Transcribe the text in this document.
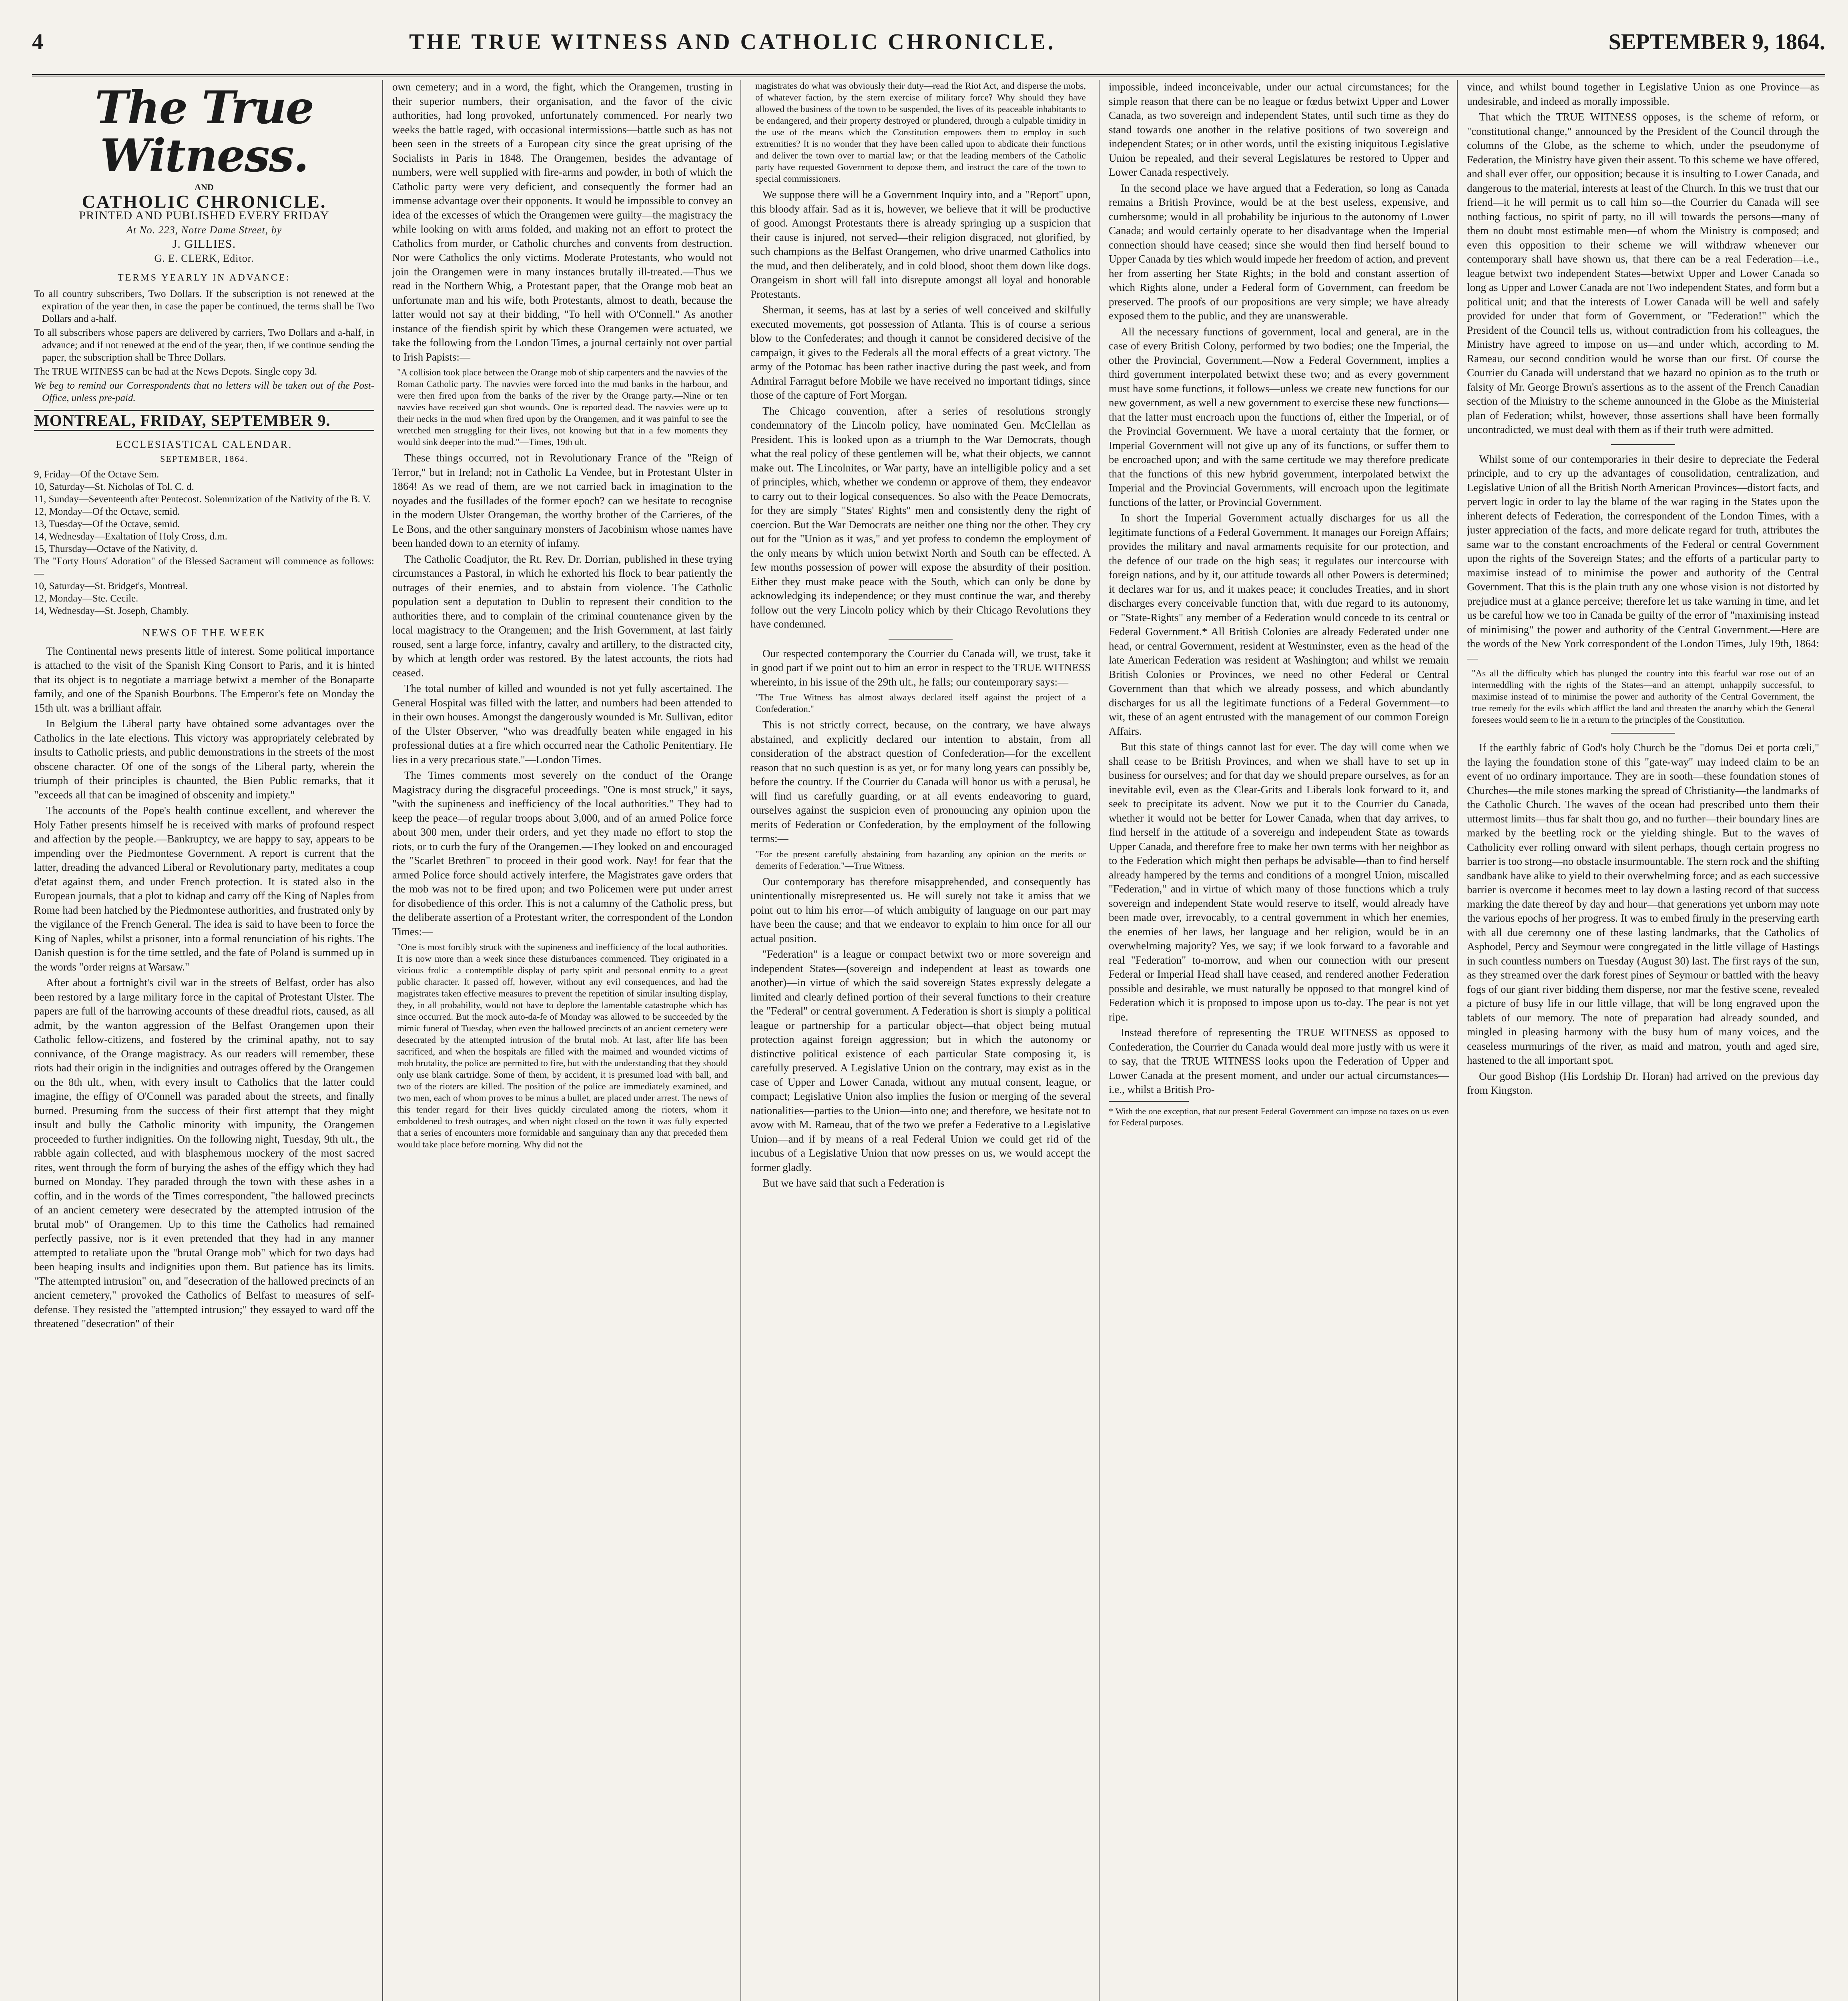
4	THE TRUE WITNESS AND CATHOLIC CHRONICLE.	SEPTEMBER 9, 1864.
The True Witness.
AND
CATHOLIC CHRONICLE.
PRINTED AND PUBLISHED EVERY FRIDAY
At No. 223, Notre Dame Street, by
J. GILLIES.
G. E. CLERK, Editor.
TERMS YEARLY IN ADVANCE:

To all country subscribers, Two Dollars. If the subscription is not renewed at the expiration of the year then, in case the paper be continued, the terms shall be Two Dollars and a-half.

To all subscribers whose papers are delivered by carriers, Two Dollars and a-half, in advance; and if not renewed at the end of the year, then, if we continue sending the paper, the subscription shall be Three Dollars.

The TRUE WITNESS can be had at the News Depots. Single copy 3d.

We beg to remind our Correspondents that no letters will be taken out of the Post-Office, unless pre-paid.

MONTREAL, FRIDAY, SEPTEMBER 9.
ECCLESIASTICAL CALENDAR.
SEPTEMBER, 1864.
9, Friday—Of the Octave Sem.
10, Saturday—St. Nicholas of Tol. C. d.
11, Sunday—Seventeenth after Pentecost. Solemnization of the Nativity of the B. V.
12, Monday—Of the Octave, semid.
13, Tuesday—Of the Octave, semid.
14, Wednesday—Exaltation of Holy Cross, d.m.
15, Thursday—Octave of the Nativity, d.
The "Forty Hours' Adoration" of the Blessed Sacrament will commence as follows:—
10, Saturday—St. Bridget's, Montreal.
12, Monday—Ste. Cecile.
14, Wednesday—St. Joseph, Chambly.
NEWS OF THE WEEK

The Continental news presents little of interest. Some political importance is attached to the visit of the Spanish King Consort to Paris, and it is hinted that its object is to negotiate a marriage betwixt a member of the Bonaparte family, and one of the Spanish Bourbons. The Emperor's fete on Monday the 15th ult. was a brilliant affair.

In Belgium the Liberal party have obtained some advantages over the Catholics in the late elections. This victory was appropriately celebrated by insults to Catholic priests, and public demonstrations in the streets of the most obscene character. Of one of the songs of the Liberal party, wherein the triumph of their principles is chaunted, the Bien Public remarks, that it "exceeds all that can be imagined of obscenity and impiety."

The accounts of the Pope's health continue excellent, and wherever the Holy Father presents himself he is received with marks of profound respect and affection by the people.—Bankruptcy, we are happy to say, appears to be impending over the Piedmontese Government. A report is current that the latter, dreading the advanced Liberal or Revolutionary party, meditates a coup d'etat against them, and under French protection. It is stated also in the European journals, that a plot to kidnap and carry off the King of Naples from Rome had been hatched by the Piedmontese authorities, and frustrated only by the vigilance of the French General. The idea is said to have been to force the King of Naples, whilst a prisoner, into a formal renunciation of his rights. The Danish question is for the time settled, and the fate of Poland is summed up in the words "order reigns at Warsaw."

After about a fortnight's civil war in the streets of Belfast, order has also been restored by a large military force in the capital of Protestant Ulster. The papers are full of the harrowing accounts of these dreadful riots, caused, as all admit, by the wanton aggression of the Belfast Orangemen upon their Catholic fellow-citizens, and fostered by the criminal apathy, not to say connivance, of the Orange magistracy. As our readers will remember, these riots had their origin in the indignities and outrages offered by the Orangemen on the 8th ult., when, with every insult to Catholics that the latter could imagine, the effigy of O'Connell was paraded about the streets, and finally burned. Presuming from the success of their first attempt that they might insult and bully the Catholic minority with impunity, the Orangemen proceeded to further indignities. On the following night, Tuesday, 9th ult., the rabble again collected, and with blasphemous mockery of the most sacred rites, went through the form of burying the ashes of the effigy which they had burned on Monday. They paraded through the town with these ashes in a coffin, and in the words of the Times correspondent, "the hallowed precincts of an ancient cemetery were desecrated by the attempted intrusion of the brutal mob" of Orangemen. Up to this time the Catholics had remained perfectly passive, nor is it even pretended that they had in any manner attempted to retaliate upon the "brutal Orange mob" which for two days had been heaping insults and indignities upon them. But patience has its limits. "The attempted intrusion" on, and "desecration of the hallowed precincts of an ancient cemetery," provoked the Catholics of Belfast to measures of self-defense. They resisted the "attempted intrusion;" they essayed to ward off the threatened "desecration" of their

own cemetery; and in a word, the fight, which the Orangemen, trusting in their superior numbers, their organisation, and the favor of the civic authorities, had long provoked, unfortunately commenced. For nearly two weeks the battle raged, with occasional intermissions—battle such as has not been seen in the streets of a European city since the great uprising of the Socialists in Paris in 1848. The Orangemen, besides the advantage of numbers, were well supplied with fire-arms and powder, in both of which the Catholic party were very deficient, and consequently the former had an immense advantage over their opponents. It would be impossible to convey an idea of the excesses of which the Orangemen were guilty—the magistracy the while looking on with arms folded, and making not an effort to protect the Catholics from murder, or Catholic churches and convents from destruction. Nor were Catholics the only victims. Moderate Protestants, who would not join the Orangemen were in many instances brutally ill-treated.—Thus we read in the Northern Whig, a Protestant paper, that the Orange mob beat an unfortunate man and his wife, both Protestants, almost to death, because the latter would not say at their bidding, "To hell with O'Connell." As another instance of the fiendish spirit by which these Orangemen were actuated, we take the following from the London Times, a journal certainly not over partial to Irish Papists:—

"A collision took place between the Orange mob of ship carpenters and the navvies of the Roman Catholic party. The navvies were forced into the mud banks in the harbour, and were then fired upon from the banks of the river by the Orange party.—Nine or ten navvies have received gun shot wounds. One is reported dead. The navvies were up to their necks in the mud when fired upon by the Orangemen, and it was painful to see the wretched men struggling for their lives, not knowing but that in a few moments they would sink deeper into the mud."—Times, 19th ult.

These things occurred, not in Revolutionary France of the "Reign of Terror," but in Ireland; not in Catholic La Vendee, but in Protestant Ulster in 1864! As we read of them, are we not carried back in imagination to the noyades and the fusillades of the former epoch? can we hesitate to recognise in the modern Ulster Orangeman, the worthy brother of the Carrieres, of the Le Bons, and the other sanguinary monsters of Jacobinism whose names have been handed down to an eternity of infamy.

The Catholic Coadjutor, the Rt. Rev. Dr. Dorrian, published in these trying circumstances a Pastoral, in which he exhorted his flock to bear patiently the outrages of their enemies, and to abstain from violence. The Catholic population sent a deputation to Dublin to represent their condition to the authorities there, and to complain of the criminal countenance given by the local magistracy to the Orangemen; and the Irish Government, at last fairly roused, sent a large force, infantry, cavalry and artillery, to the distracted city, by which at length order was restored. By the latest accounts, the riots had ceased.

The total number of killed and wounded is not yet fully ascertained. The General Hospital was filled with the latter, and numbers had been attended to in their own houses. Amongst the dangerously wounded is Mr. Sullivan, editor of the Ulster Observer, "who was dreadfully beaten while engaged in his professional duties at a fire which occurred near the Catholic Penitentiary. He lies in a very precarious state."—London Times.

The Times comments most severely on the conduct of the Orange Magistracy during the disgraceful proceedings. "One is most struck," it says, "with the supineness and inefficiency of the local authorities." They had to keep the peace—of regular troops about 3,000, and of an armed Police force about 300 men, under their orders, and yet they made no effort to stop the riots, or to curb the fury of the Orangemen.—They looked on and encouraged the "Scarlet Brethren" to proceed in their good work. Nay! for fear that the armed Police force should actively interfere, the Magistrates gave orders that the mob was not to be fired upon; and two Policemen were put under arrest for disobedience of this order. This is not a calumny of the Catholic press, but the deliberate assertion of a Protestant writer, the correspondent of the London Times:—

"One is most forcibly struck with the supineness and inefficiency of the local authorities. It is now more than a week since these disturbances commenced. They originated in a vicious frolic—a contemptible display of party spirit and personal enmity to a great public character. It passed off, however, without any evil consequences, and had the magistrates taken effective measures to prevent the repetition of similar insulting display, they, in all probability, would not have to deplore the lamentable catastrophe which has since occurred. But the mock auto-da-fe of Monday was allowed to be succeeded by the mimic funeral of Tuesday, when even the hallowed precincts of an ancient cemetery were desecrated by the attempted intrusion of the brutal mob. At last, after life has been sacrificed, and when the hospitals are filled with the maimed and wounded victims of mob brutality, the police are permitted to fire, but with the understanding that they should only use blank cartridge. Some of them, by accident, it is presumed load with ball, and two of the rioters are killed. The position of the police are immediately examined, and two men, each of whom proves to be minus a bullet, are placed under arrest. The news of this tender regard for their lives quickly circulated among the rioters, whom it emboldened to fresh outrages, and when night closed on the town it was fully expected that a series of encounters more formidable and sanguinary than any that preceded them would take place before morning. Why did not the
magistrates do what was obviously their duty—read the Riot Act, and disperse the mobs, of whatever faction, by the stern exercise of military force? Why should they have allowed the business of the town to be suspended, the lives of its peaceable inhabitants to be endangered, and their property destroyed or plundered, through a culpable timidity in the use of the means which the Constitution empowers them to employ in such extremities? It is no wonder that they have been called upon to abdicate their functions and deliver the town over to martial law; or that the leading members of the Catholic party have requested Government to depose them, and instruct the care of the town to special commissioners.

We suppose there will be a Government Inquiry into, and a "Report" upon, this bloody affair. Sad as it is, however, we believe that it will be productive of good. Amongst Protestants there is already springing up a suspicion that their cause is injured, not served—their religion disgraced, not glorified, by such champions as the Belfast Orangemen, who drive unarmed Catholics into the mud, and then deliberately, and in cold blood, shoot them down like dogs. Orangeism in short will fall into disrepute amongst all loyal and honorable Protestants.

Sherman, it seems, has at last by a series of well conceived and skilfully executed movements, got possession of Atlanta. This is of course a serious blow to the Confederates; and though it cannot be considered decisive of the campaign, it gives to the Federals all the moral effects of a great victory. The army of the Potomac has been rather inactive during the past week, and from Admiral Farragut before Mobile we have received no important tidings, since those of the capture of Fort Morgan.

The Chicago convention, after a series of resolutions strongly condemnatory of the Lincoln policy, have nominated Gen. McClellan as President. This is looked upon as a triumph to the War Democrats, though what the real policy of these gentlemen will be, what their objects, we cannot make out. The Lincolnites, or War party, have an intelligible policy and a set of principles, which, whether we condemn or approve of them, they endeavor to carry out to their logical consequences. So also with the Peace Democrats, for they are simply "States' Rights" men and consistently deny the right of coercion. But the War Democrats are neither one thing nor the other. They cry out for the "Union as it was," and yet profess to condemn the employment of the only means by which union betwixt North and South can be effected. A few months possession of power will expose the absurdity of their position. Either they must make peace with the South, which can only be done by acknowledging its independence; or they must continue the war, and thereby follow out the very Lincoln policy which by their Chicago Revolutions they have condemned.

Our respected contemporary the Courrier du Canada will, we trust, take it in good part if we point out to him an error in respect to the TRUE WITNESS whereinto, in his issue of the 29th ult., he falls; our contemporary says:—

"The True Witness has almost always declared itself against the project of a Confederation."

This is not strictly correct, because, on the contrary, we have always abstained, and explicitly declared our intention to abstain, from all consideration of the abstract question of Confederation—for the excellent reason that no such question is as yet, or for many long years can possibly be, before the country. If the Courrier du Canada will honor us with a perusal, he will find us carefully guarding, or at all events endeavoring to guard, ourselves against the suspicion even of pronouncing any opinion upon the merits of Federation or Confederation, by the employment of the following terms:—

"For the present carefully abstaining from hazarding any opinion on the merits or demerits of Federation."—True Witness.

Our contemporary has therefore misapprehended, and consequently has unintentionally misrepresented us. He will surely not take it amiss that we point out to him his error—of which ambiguity of language on our part may have been the cause; and that we endeavor to explain to him once for all our actual position.

"Federation" is a league or compact betwixt two or more sovereign and independent States—(sovereign and independent at least as towards one another)—in virtue of which the said sovereign States expressly delegate a limited and clearly defined portion of their several functions to their creature the "Federal" or central government. A Federation is short is simply a political league or partnership for a particular object—that object being mutual protection against foreign aggression; but in which the autonomy or distinctive political existence of each particular State composing it, is carefully preserved. A Legislative Union on the contrary, may exist as in the case of Upper and Lower Canada, without any mutual consent, league, or compact; Legislative Union also implies the fusion or merging of the several nationalities—parties to the Union—into one; and therefore, we hesitate not to avow with M. Rameau, that of the two we prefer a Federative to a Legislative Union—and if by means of a real Federal Union we could get rid of the incubus of a Legislative Union that now presses on us, we would accept the former gladly.

But we have said that such a Federation is

impossible, indeed inconceivable, under our actual circumstances; for the simple reason that there can be no league or fœdus betwixt Upper and Lower Canada, as two sovereign and independent States, until such time as they do stand towards one another in the relative positions of two sovereign and independent States; or in other words, until the existing iniquitous Legislative Union be repealed, and their several Legislatures be restored to Upper and Lower Canada respectively.

In the second place we have argued that a Federation, so long as Canada remains a British Province, would be at the best useless, expensive, and cumbersome; would in all probability be injurious to the autonomy of Lower Canada; and would certainly operate to her disadvantage when the Imperial connection should have ceased; since she would then find herself bound to Upper Canada by ties which would impede her freedom of action, and prevent her from asserting her State Rights; in the bold and constant assertion of which Rights alone, under a Federal form of Government, can freedom be preserved. The proofs of our propositions are very simple; we have already exposed them to the public, and they are unanswerable.

All the necessary functions of government, local and general, are in the case of every British Colony, performed by two bodies; one the Imperial, the other the Provincial, Government.—Now a Federal Government, implies a third government interpolated betwixt these two; and as every government must have some functions, it follows—unless we create new functions for our new government, as well a new government to exercise these new functions—that the latter must encroach upon the functions of, either the Imperial, or of the Provincial Government. We have a moral certainty that the former, or Imperial Government will not give up any of its functions, or suffer them to be encroached upon; and with the same certitude we may therefore predicate that the functions of this new hybrid government, interpolated betwixt the Imperial and the Provincial Governments, will encroach upon the legitimate functions of the latter, or Provincial Government.

In short the Imperial Government actually discharges for us all the legitimate functions of a Federal Government. It manages our Foreign Affairs; provides the military and naval armaments requisite for our protection, and the defence of our trade on the high seas; it regulates our intercourse with foreign nations, and by it, our attitude towards all other Powers is determined; it declares war for us, and it makes peace; it concludes Treaties, and in short discharges every conceivable function that, with due regard to its autonomy, or "State-Rights" any member of a Federation would concede to its central or Federal Government.* All British Colonies are already Federated under one head, or central Government, resident at Westminster, even as the head of the late American Federation was resident at Washington; and whilst we remain British Colonies or Provinces, we need no other Federal or Central Government than that which we already possess, and which abundantly discharges for us all the legitimate functions of a Federal Government—to wit, these of an agent entrusted with the management of our common Foreign Affairs.

But this state of things cannot last for ever. The day will come when we shall cease to be British Provinces, and when we shall have to set up in business for ourselves; and for that day we should prepare ourselves, as for an inevitable evil, even as the Clear-Grits and Liberals look forward to it, and seek to precipitate its advent. Now we put it to the Courrier du Canada, whether it would not be better for Lower Canada, when that day arrives, to find herself in the attitude of a sovereign and independent State as towards Upper Canada, and therefore free to make her own terms with her neighbor as to the Federation which might then perhaps be advisable—than to find herself already hampered by the terms and conditions of a mongrel Union, miscalled "Federation," and in virtue of which many of those functions which a truly sovereign and independent State would reserve to itself, would already have been made over, irrevocably, to a central government in which her enemies, the enemies of her laws, her language and her religion, would be in an overwhelming majority? Yes, we say; if we look forward to a favorable and real "Federation" to-morrow, and when our connection with our present Federal or Imperial Head shall have ceased, and rendered another Federation possible and desirable, we must naturally be opposed to that mongrel kind of Federation which it is proposed to impose upon us to-day. The pear is not yet ripe.

Instead therefore of representing the TRUE WITNESS as opposed to Confederation, the Courrier du Canada would deal more justly with us were it to say, that the TRUE WITNESS looks upon the Federation of Upper and Lower Canada at the present moment, and under our actual circumstances—i.e., whilst a British Pro-

* With the one exception, that our present Federal Government can impose no taxes on us even for Federal purposes.

vince, and whilst bound together in Legislative Union as one Province—as undesirable, and indeed as morally impossible.

That which the TRUE WITNESS opposes, is the scheme of reform, or "constitutional change," announced by the President of the Council through the columns of the Globe, as the scheme to which, under the pseudonyme of Federation, the Ministry have given their assent. To this scheme we have offered, and shall ever offer, our opposition; because it is insulting to Lower Canada, and dangerous to the material, interests at least of the Church. In this we trust that our friend—it he will permit us to call him so—the Courrier du Canada will see nothing factious, no spirit of party, no ill will towards the persons—many of them no doubt most estimable men—of whom the Ministry is composed; and even this opposition to their scheme we will withdraw whenever our contemporary shall have shown us, that there can be a real Federation—i.e., league betwixt two independent States—betwixt Upper and Lower Canada so long as Upper and Lower Canada are not Two independent States, and form but a political unit; and that the interests of Lower Canada will be well and safely provided for under that form of Government, or "Federation!" which the President of the Council tells us, without contradiction from his colleagues, the Ministry have agreed to impose on us—and under which, according to M. Rameau, our second condition would be worse than our first. Of course the Courrier du Canada will understand that we hazard no opinion as to the truth or falsity of Mr. George Brown's assertions as to the assent of the French Canadian section of the Ministry to the scheme announced in the Globe as the Ministerial plan of Federation; whilst, however, those assertions shall have been formally uncontradicted, we must deal with them as if their truth were admitted.

Whilst some of our contemporaries in their desire to depreciate the Federal principle, and to cry up the advantages of consolidation, centralization, and Legislative Union of all the British North American Provinces—distort facts, and pervert logic in order to lay the blame of the war raging in the States upon the inherent defects of Federation, the correspondent of the London Times, with a juster appreciation of the facts, and more delicate regard for truth, attributes the same war to the constant encroachments of the Federal or central Government upon the rights of the Sovereign States; and the efforts of a particular party to maximise instead of to minimise the power and authority of the Central Government. That this is the plain truth any one whose vision is not distorted by prejudice must at a glance perceive; therefore let us take warning in time, and let us be careful how we too in Canada be guilty of the error of "maximising instead of minimising" the power and authority of the Central Government.—Here are the words of the New York correspondent of the London Times, July 19th, 1864:—

"As all the difficulty which has plunged the country into this fearful war rose out of an intermeddling with the rights of the States—and an attempt, unhappily successful, to maximise instead of to minimise the power and authority of the Central Government, the true remedy for the evils which afflict the land and threaten the anarchy which the General foresees would seem to lie in a return to the principles of the Constitution.

If the earthly fabric of God's holy Church be the "domus Dei et porta cœli," the laying the foundation stone of this "gate-way" may indeed claim to be an event of no ordinary importance. They are in sooth—these foundation stones of Churches—the mile stones marking the spread of Christianity—the landmarks of the Catholic Church. The waves of the ocean had prescribed unto them their uttermost limits—thus far shalt thou go, and no further—their boundary lines are marked by the beetling rock or the yielding shingle. But to the waves of Catholicity ever rolling onward with silent perhaps, though certain progress no barrier is too strong—no obstacle insurmountable. The stern rock and the shifting sandbank have alike to yield to their overwhelming force; and as each successive barrier is overcome it becomes meet to lay down a lasting record of that success marking the date thereof by day and hour—that generations yet unborn may note the various epochs of her progress. It was to embed firmly in the preserving earth with all due ceremony one of these lasting landmarks, that the Catholics of Asphodel, Percy and Seymour were congregated in the little village of Hastings in such countless numbers on Tuesday (August 30) last. The first rays of the sun, as they streamed over the dark forest pines of Seymour or battled with the heavy fogs of our giant river bidding them disperse, nor mar the festive scene, revealed a picture of busy life in our little village, that will be long engraved upon the tablets of our memory. The note of preparation had already sounded, and mingled in pleasing harmony with the busy hum of many voices, and the ceaseless murmurings of the river, as maid and matron, youth and aged sire, hastened to the all important spot.

Our good Bishop (His Lordship Dr. Horan) had arrived on the previous day from Kingston.
